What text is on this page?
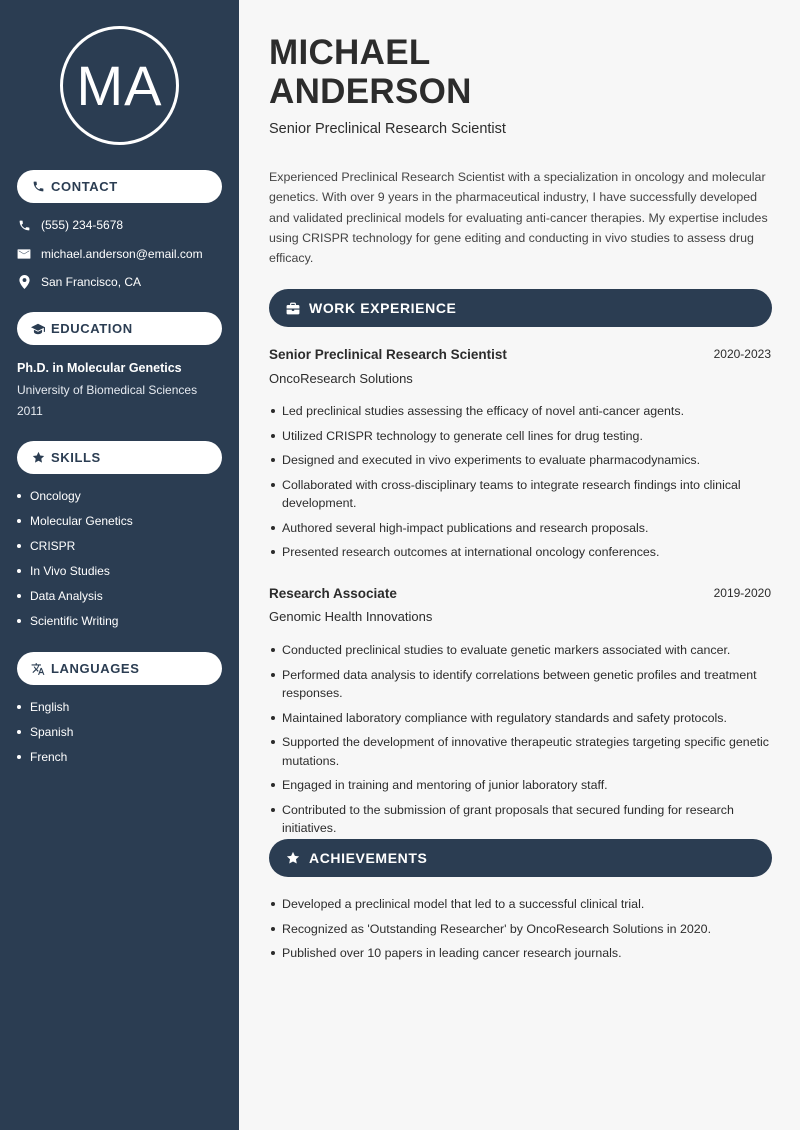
MA
CONTACT
(555) 234-5678
michael.anderson@email.com
San Francisco, CA
EDUCATION
Ph.D. in Molecular Genetics
University of Biomedical Sciences
2011
SKILLS
Oncology
Molecular Genetics
CRISPR
In Vivo Studies
Data Analysis
Scientific Writing
LANGUAGES
English
Spanish
French
MICHAEL
ANDERSON
Senior Preclinical Research Scientist

Experienced Preclinical Research Scientist with a specialization in oncology and molecular genetics. With over 9 years in the pharmaceutical industry, I have successfully developed and validated preclinical models for evaluating anti-cancer therapies. My expertise includes using CRISPR technology for gene editing and conducting in vivo studies to assess drug efficacy.

WORK EXPERIENCE
Senior Preclinical Research Scientist	2020-2023
OncoResearch Solutions
Led preclinical studies assessing the efficacy of novel anti-cancer agents.
Utilized CRISPR technology to generate cell lines for drug testing.
Designed and executed in vivo experiments to evaluate pharmacodynamics.
Collaborated with cross-disciplinary teams to integrate research findings into clinical development.
Authored several high-impact publications and research proposals.
Presented research outcomes at international oncology conferences.
Research Associate	2019-2020
Genomic Health Innovations
Conducted preclinical studies to evaluate genetic markers associated with cancer.
Performed data analysis to identify correlations between genetic profiles and treatment responses.
Maintained laboratory compliance with regulatory standards and safety protocols.
Supported the development of innovative therapeutic strategies targeting specific genetic mutations.
Engaged in training and mentoring of junior laboratory staff.
Contributed to the submission of grant proposals that secured funding for research initiatives.
ACHIEVEMENTS
Developed a preclinical model that led to a successful clinical trial.
Recognized as 'Outstanding Researcher' by OncoResearch Solutions in 2020.
Published over 10 papers in leading cancer research journals.
